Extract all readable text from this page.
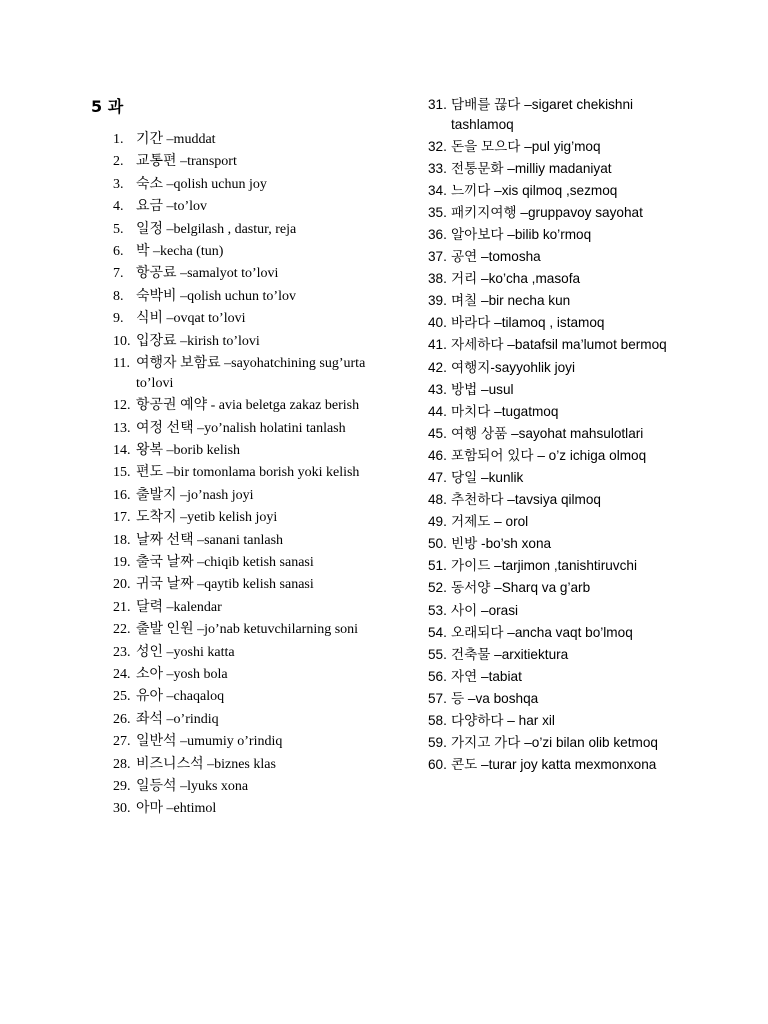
5 과
1. 기간 –muddat
2. 교통편 –transport
3. 숙소 –qolish uchun joy
4. 요금 –to’lov
5. 일정 –belgilash , dastur, reja
6. 박 –kecha (tun)
7. 항공료 –samalyot to’lovi
8. 숙박비 –qolish uchun to’lov
9. 식비 –ovqat to’lovi
10. 입장료 –kirish to’lovi
11. 여행자 보함료 –sayohatchining sug’urta to’lovi
12. 항공권 예약 - avia beletga zakaz berish
13. 여정 선택 –yo’nalish holatini tanlash
14. 왕복 –borib kelish
15. 편도 –bir tomonlama borish yoki kelish
16. 출발지 –jo’nash joyi
17. 도착지 –yetib kelish joyi
18. 날짜 선택 –sanani tanlash
19. 출국 날짜 –chiqib ketish sanasi
20. 귀국 날짜 –qaytib kelish sanasi
21. 달력 –kalendar
22. 출발 인원 –jo’nab ketuvchilarning soni
23. 성인 –yoshi katta
24. 소아 –yosh bola
25. 유아 –chaqaloq
26. 좌석 –o’rindiq
27. 일반석 –umumiy o’rindiq
28. 비즈니스석 –biznes klas
29. 일등석 –lyuks xona
30. 아마 –ehtimol
31. 담배를 끊다 –sigaret chekishni tashlamoq
32. 돈을 모으다 –pul yig’moq
33. 전통문화 –milliy madaniyat
34. 느끼다 –xis qilmoq ,sezmoq
35. 패키지여행 –gruppavoy sayohat
36. 알아보다 –bilib ko’rmoq
37. 공연 –tomosha
38. 거리 –ko’cha ,masofa
39. 며칠 –bir necha kun
40. 바라다 –tilamoq , istamoq
41. 자세하다 –batafsil ma’lumot bermoq
42. 여행지-sayyohlik joyi
43. 방법 –usul
44. 마치다 –tugatmoq
45. 여행 상품 –sayohat mahsulotlari
46. 포함되어 있다 – o’z ichiga olmoq
47. 당일 –kunlik
48. 추천하다 –tavsiya qilmoq
49. 거제도 – orol
50. 빈방 -bo’sh xona
51. 가이드 –tarjimon ,tanishtiruvchi
52. 동서양 –Sharq va g’arb
53. 사이 –orasi
54. 오래되다 –ancha vaqt bo’lmoq
55. 건축물 –arxitiektura
56. 자연 –tabiat
57. 등 –va boshqa
58. 다양하다 – har xil
59. 가지고 가다 –o’zi bilan olib ketmoq
60. 콘도 –turar joy katta mexmonxona
